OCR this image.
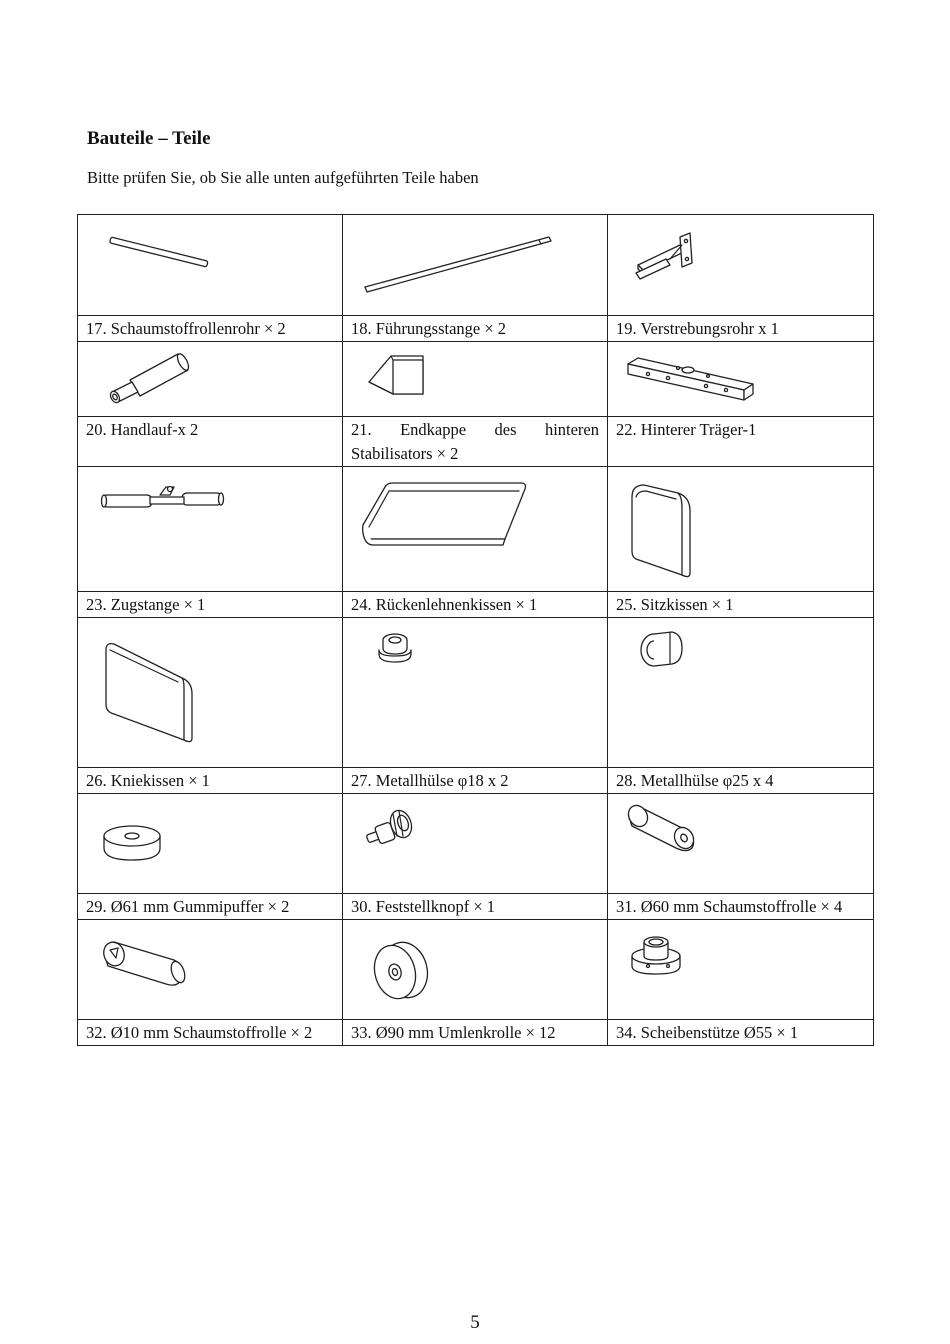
Bauteile – Teile
Bitte prüfen Sie, ob Sie alle unten aufgeführten Teile haben

17. Schaumstoffrollenrohr × 2	18. Führungsstange × 2	19. Verstrebungsrohr x 1

20. Handlauf-x 2	21. Endkappe des hinteren Stabilisators × 2	22. Hinterer Träger-1

23. Zugstange × 1	24. Rückenlehnenkissen × 1	25. Sitzkissen × 1

26. Kniekissen × 1	27. Metallhülse φ18 x 2	28. Metallhülse φ25 x 4

29. Ø61 mm Gummipuffer × 2	30. Feststellknopf × 1	31. Ø60 mm Schaumstoffrolle × 4

32. Ø10 mm Schaumstoffrolle × 2	33. Ø90 mm Umlenkrolle × 12	34. Scheibenstütze Ø55 × 1
5
